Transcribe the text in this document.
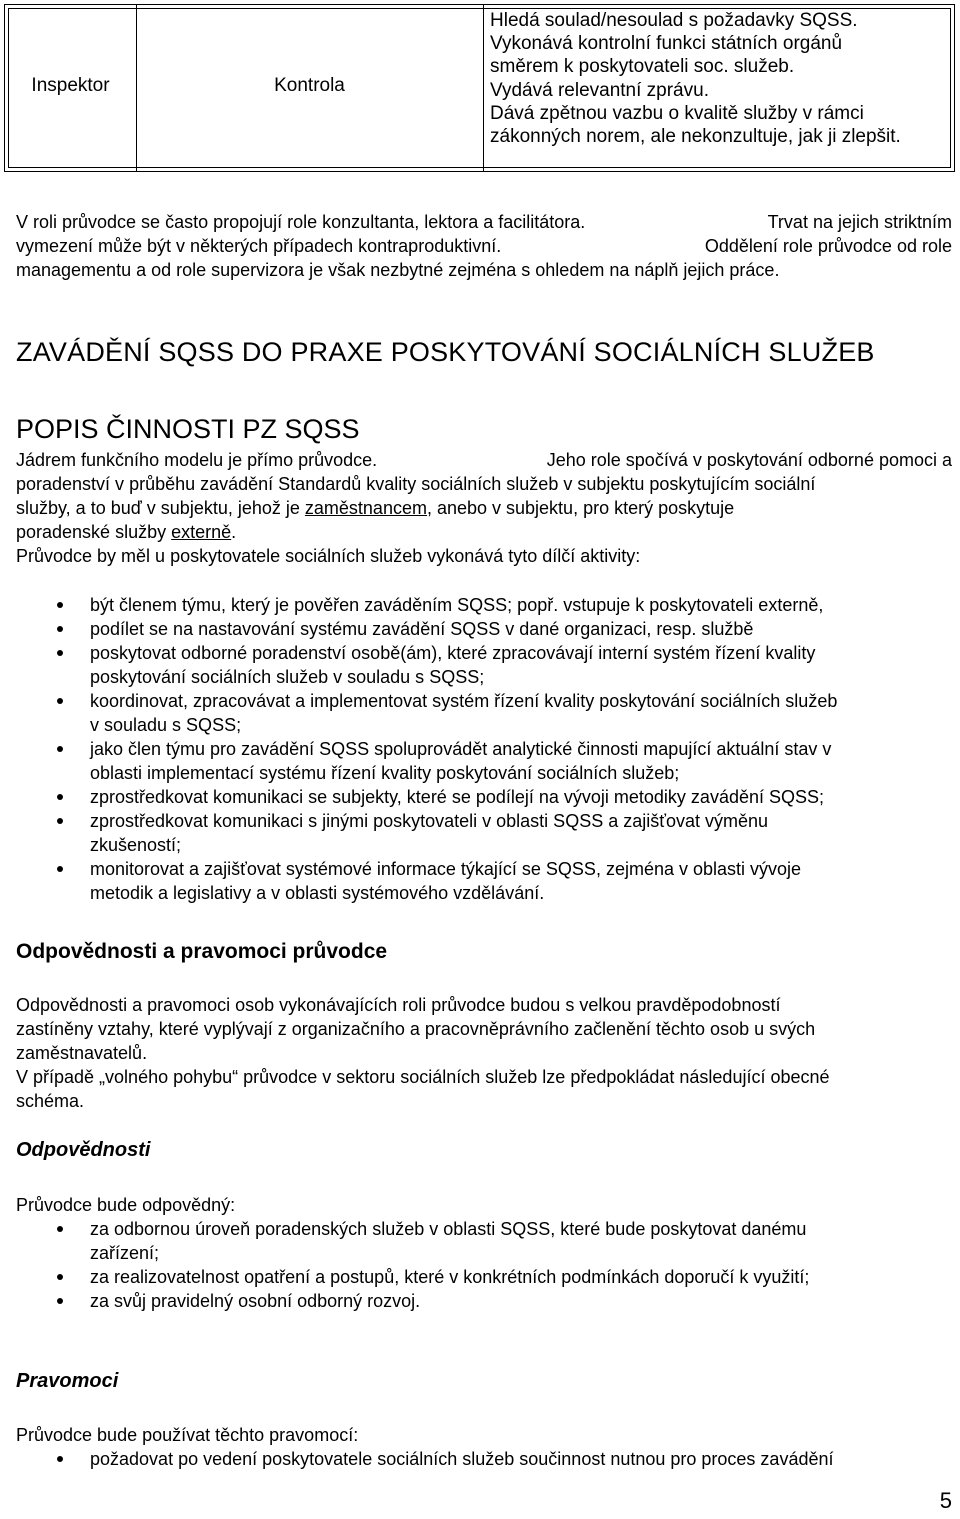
Inspektor	Kontrola
Hledá soulad/nesoulad s požadavky SQSS.
Vykonává kontrolní funkci státních orgánů
směrem k poskytovateli soc. služeb.
Vydává relevantní zprávu.
Dává zpětnou vazbu o kvalitě služby v rámci
zákonných norem, ale nekonzultuje, jak ji zlepšit.
V roli průvodce se často propojují role konzultanta, lektora a facilitátora.	Trvat na jejich striktním
vymezení může být v některých případech kontraproduktivní.	Oddělení role průvodce od role
managementu a od role supervizora je však nezbytné zejména s ohledem na náplň jejich práce.
ZAVÁDĚNÍ SQSS DO PRAXE POSKYTOVÁNÍ SOCIÁLNÍCH SLUŽEB
POPIS ČINNOSTI PZ SQSS
Jádrem funkčního modelu je přímo průvodce.	Jeho role spočívá v poskytování odborné pomoci a
poradenství v průběhu zavádění Standardů kvality sociálních služeb v subjektu poskytujícím sociální
služby, a to buď v subjektu, jehož je zaměstnancem, anebo v subjektu, pro který poskytuje
poradenské služby externě.
Průvodce by měl u poskytovatele sociálních služeb vykonává tyto dílčí aktivity:
být členem týmu, který je pověřen zaváděním SQSS; popř. vstupuje k poskytovateli externě,
podílet se na nastavování systému zavádění SQSS v dané organizaci, resp. službě
poskytovat odborné poradenství osobě(ám), které zpracovávají interní systém řízení kvality
poskytování sociálních služeb v souladu s SQSS;
koordinovat, zpracovávat a implementovat systém řízení kvality poskytování sociálních služeb
v souladu s SQSS;
jako člen týmu pro zavádění SQSS spoluprovádět analytické činnosti mapující aktuální stav v
oblasti implementací systému řízení kvality poskytování sociálních služeb;
zprostředkovat komunikaci se subjekty, které se podílejí na vývoji metodiky zavádění SQSS;
zprostředkovat komunikaci s jinými poskytovateli v oblasti SQSS a zajišťovat výměnu
zkušeností;
monitorovat a zajišťovat systémové informace týkající se SQSS, zejména v oblasti vývoje
metodik a legislativy a v oblasti systémového vzdělávání.
Odpovědnosti a pravomoci průvodce
Odpovědnosti a pravomoci osob vykonávajících roli průvodce budou s velkou pravděpodobností
zastíněny vztahy, které vyplývají z organizačního a pracovněprávního začlenění těchto osob u svých
zaměstnavatelů.
V případě „volného pohybu“ průvodce v sektoru sociálních služeb lze předpokládat následující obecné
schéma.
Odpovědnosti
Průvodce bude odpovědný:
za odbornou úroveň poradenských služeb v oblasti SQSS, které bude poskytovat danému
zařízení;
za realizovatelnost opatření a postupů, které v konkrétních podmínkách doporučí k využití;
za svůj pravidelný osobní odborný rozvoj.
Pravomoci
Průvodce bude používat těchto pravomocí:
požadovat po vedení poskytovatele sociálních služeb součinnost nutnou pro proces zavádění
5
